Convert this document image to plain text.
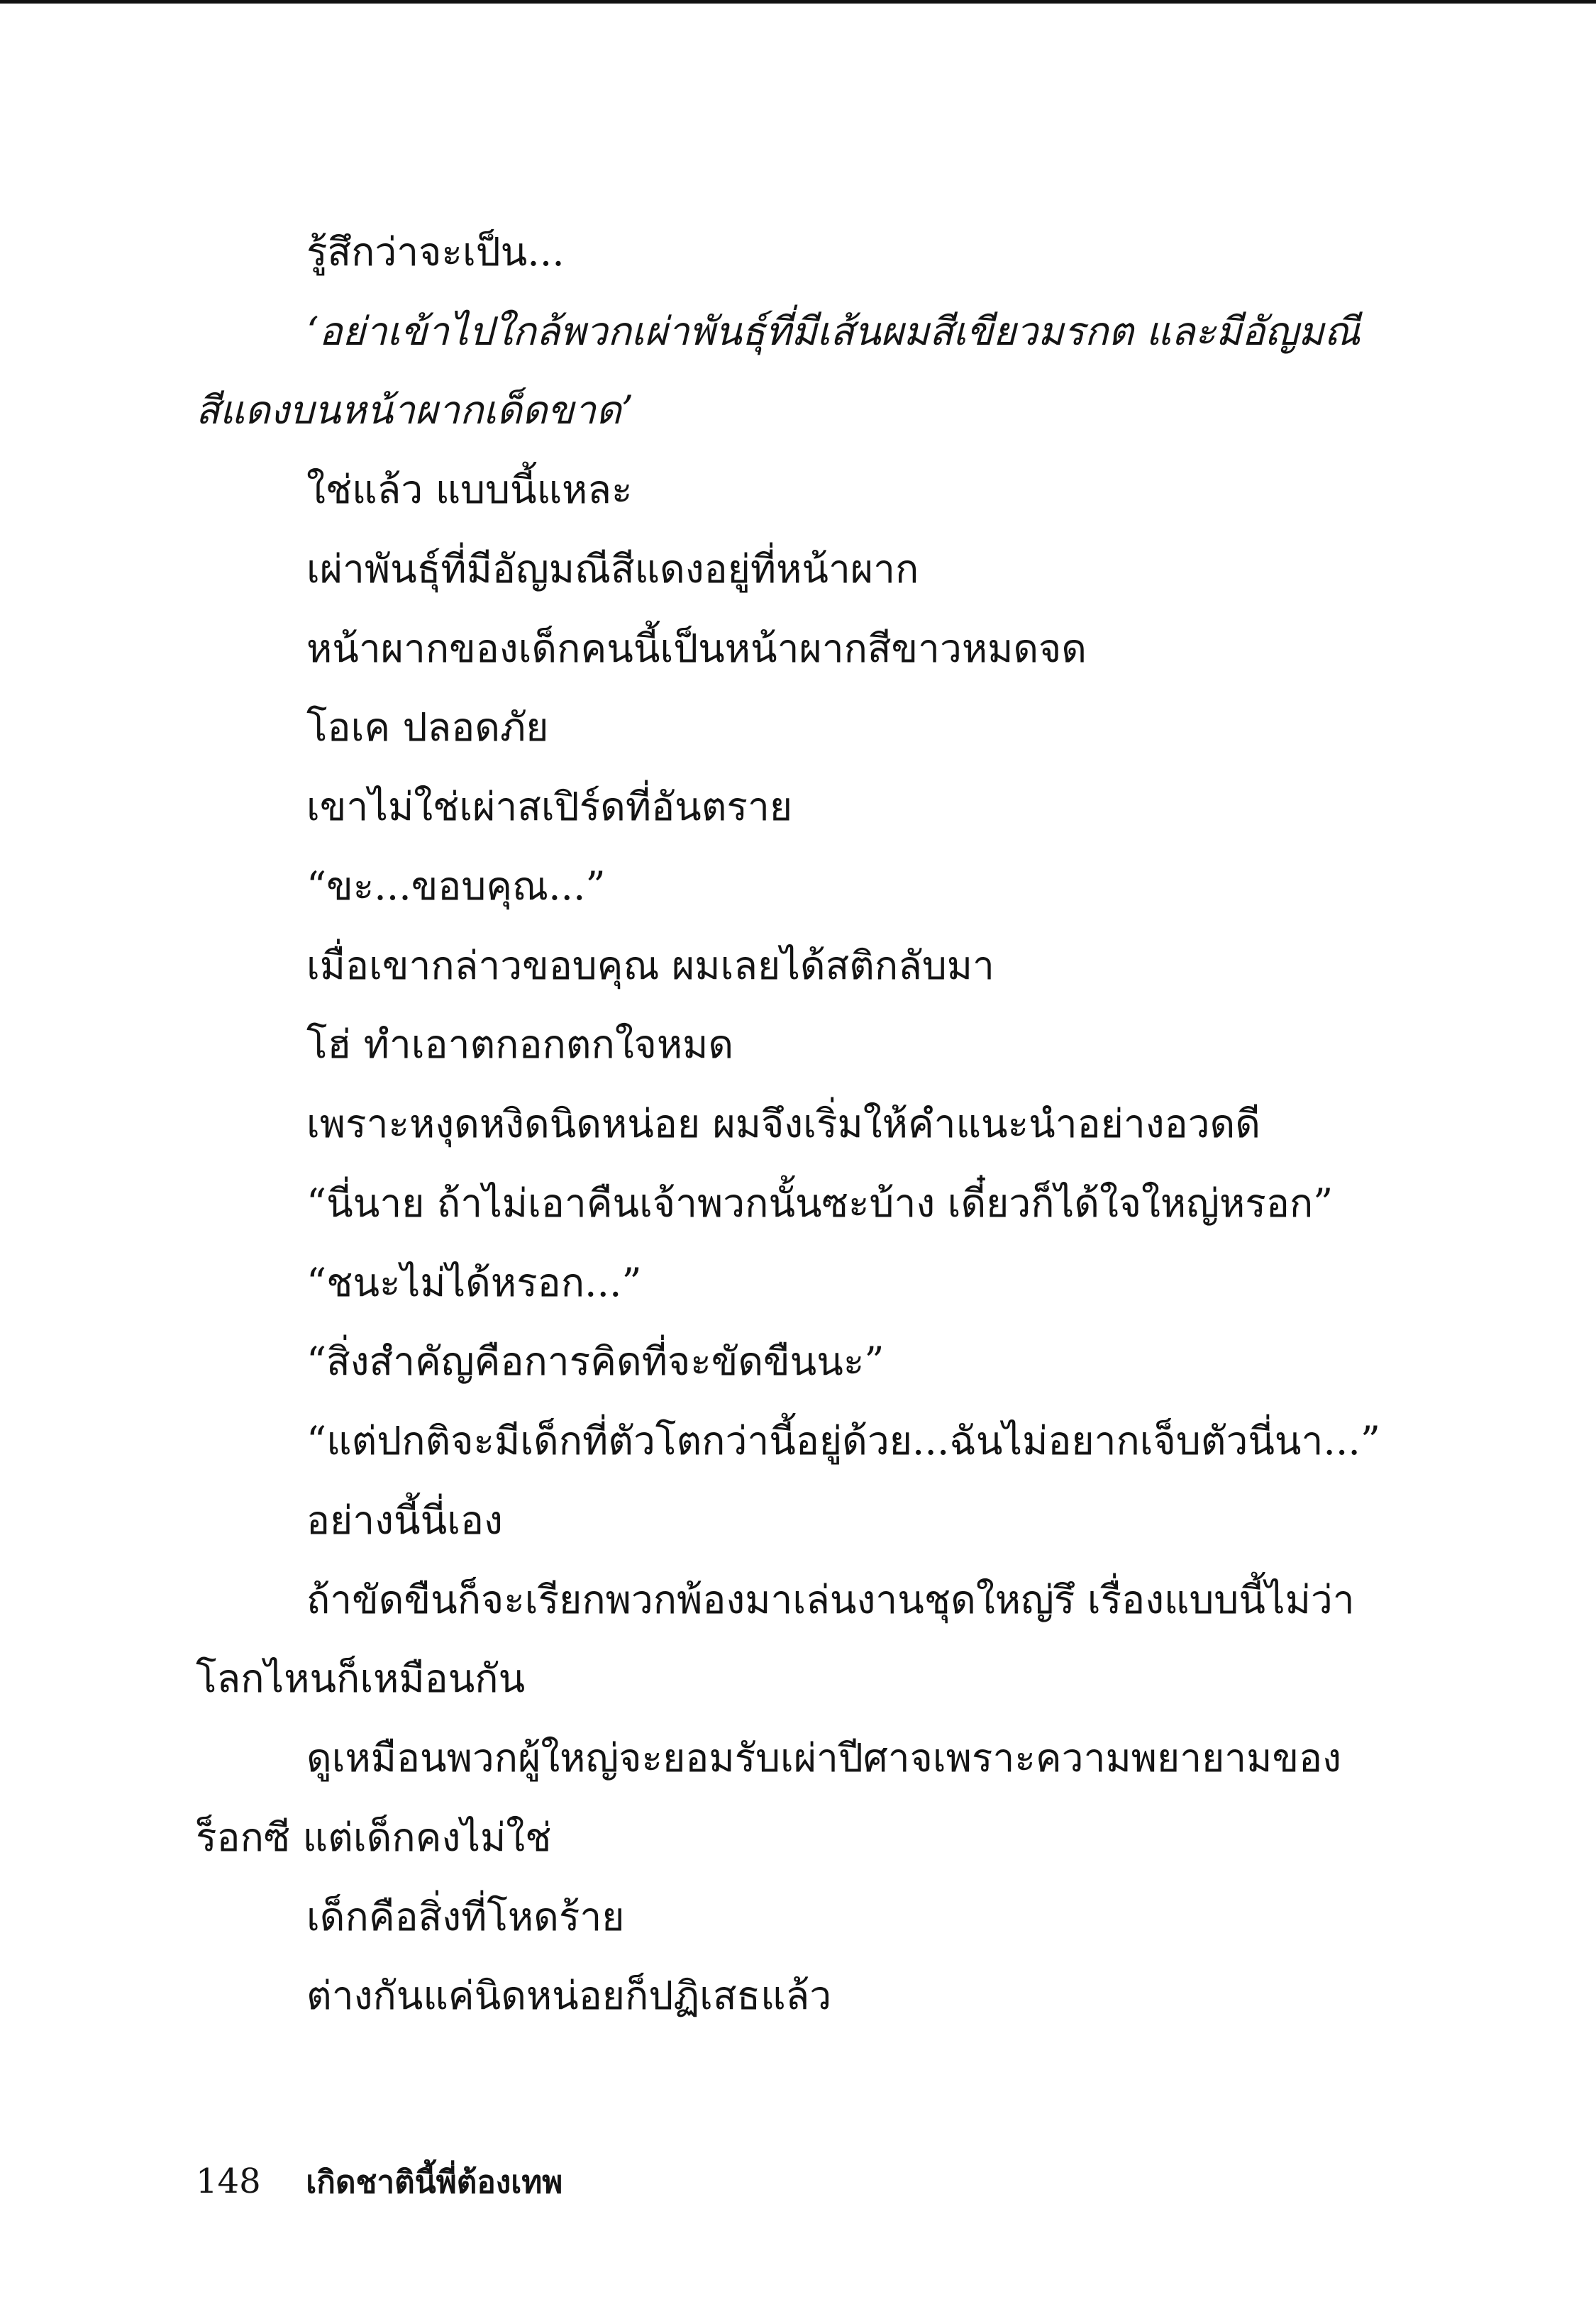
รู้สึกว่าจะเป็น...
‘อย่าเข้าไปใกล้พวกเผ่าพันธุ์ที่มีเส้นผมสีเขียวมรกต และมีอัญมณี
สีแดงบนหน้าผากเด็ดขาด’
ใช่แล้ว แบบนี้แหละ
เผ่าพันธุ์ที่มีอัญมณีสีแดงอยู่ที่หน้าผาก
หน้าผากของเด็กคนนี้เป็นหน้าผากสีขาวหมดจด
โอเค ปลอดภัย
เขาไม่ใช่เผ่าสเปิร์ดที่อันตราย
“ขะ...ขอบคุณ...”
เมื่อเขากล่าวขอบคุณ ผมเลยได้สติกลับมา
โฮ่ ทำเอาตกอกตกใจหมด
เพราะหงุดหงิดนิดหน่อย ผมจึงเริ่มให้คำแนะนำอย่างอวดดี
“นี่นาย ถ้าไม่เอาคืนเจ้าพวกนั้นซะบ้าง เดี๋ยวก็ได้ใจใหญ่หรอก”
“ชนะไม่ได้หรอก...”
“สิ่งสำคัญคือการคิดที่จะขัดขืนนะ”
“แต่ปกติจะมีเด็กที่ตัวโตกว่านี้อยู่ด้วย...ฉันไม่อยากเจ็บตัวนี่นา...”
อย่างนี้นี่เอง
ถ้าขัดขืนก็จะเรียกพวกพ้องมาเล่นงานชุดใหญ่รึ เรื่องแบบนี้ไม่ว่า
โลกไหนก็เหมือนกัน
ดูเหมือนพวกผู้ใหญ่จะยอมรับเผ่าปีศาจเพราะความพยายามของ
ร็อกซี แต่เด็กคงไม่ใช่
เด็กคือสิ่งที่โหดร้าย
ต่างกันแค่นิดหน่อยก็ปฏิเสธแล้ว
148 เกิดชาตินี้พี่ต้องเทพ
